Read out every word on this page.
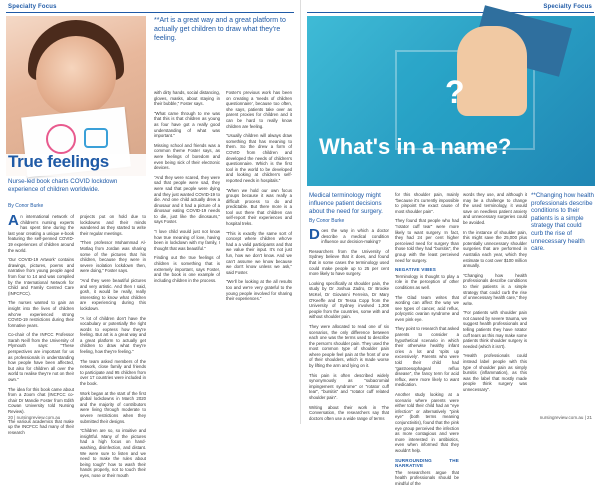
Specialty Focus
True feelings
Nurse-led book charts COVID lockdown experience of children worldwide.
By Conor Burke

An international network of children's nursing experts has spent time during the last year creating a unique e-book featuring the self-penned COVID-19 experiences of children around the world.

'Our COVID-19 Artwork' contains drawings, pictures, poems and narrative from young people aged from four to 14 and was compiled by the International Network for Child and Family Centred Care (INFCFCC).

The nurses wanted to gain an insight into the lives of children who've experienced strong COVID-19 restrictions during their formative years.

Co-chair of the INFCC Professor Sarah Neill from the University of Plymouth says: "These perspectives are important for us as professionals in understanding how people have been affected, but also for children all over the world to realise they're not on their own."

The idea for this book came about from a Zoom chat (INCFCC co-chair Dr Mandie Foster from Edith Cowan University told Nursing Review).

The various academics that make up the INCFCC had many of their research

projects put on hold due to lockdowns and their minds wandered as they started to write their regular meetings.

"Then professor Mohammad Al-Motlaq from Jordan was sharing some of the pictures that his children, because they were in severe isolation lockdown then, were doing," Foster says.

"And they were beautiful pictures and very artistic. And then I said, gosh, it would be really, really interesting to know what children are experiencing during this lockdown.

"A lot of children don't have the vocabulary or potentially the right words to express how they're feeling. But art is a great way and a great platform to actually get children to draw what they're feeling, how they're feeling."

The team asked members of the network, close family and friends to participate and 95 children from over 17 countries were included in the book.

Work began at the start of the first global lockdowns in March 2020 and the majority of contributors were living through moderate to severe restrictions when they submitted their designs.

"Children are so, so intuitive and insightful. Many of the pictures had a high focus on hand-washing, disinfection, and distant. We were sure to listen and we need to make the rules about being tough" how to wash their hands properly, not to touch their eyes, nose or their mouth

**Art is a great way and a great platform to actually get children to draw what they're feeling.

with dirty hands, social distancing, gloves, masks, about staying in their bubble," Foster says.

"What came through to me was that this is that children as young as four have got a really good understanding of what was important."

Missing school and friends was a common theme Foster says, as were feelings of boredom and even being sick of their electronic devices.

"And they were scared, they were sad that people were sad, they were sad that people were dying and they just wanted COVID-19 to die. And one child actually drew a dinosaur and it had a picture of a dinosaur eating COVID-19 needs to die, just like the dinosaurs," says Foster.

"I love child would just not know how true meaning of love, having been in lockdown with my family, I thought that was beautiful."

Finding out the true feelings of children is something that is extremely important, says Foster, and the book is one example of including children in the process.

Foster's previous work has been on creating a 'needs of children questionnaire', because too often, she says, patients take over as parent proxies for children and it can be hard to really know children are feeling.

"Usually children will always draw something that has meaning to them. So the drew a form of COVID from children and developed the needs of children's questionnaire. Which is the first tool in the world to be developed and looking at children's self-reported needs in hospitals."

"When we hold our own focus groups because it was really a difficult process to do and predictable. But there more is a tool out there that children can self-report their experiences and hospital treks.

"This is exactly the same sort of concept where children who've had a a valid participants and that we value their input. It's not just fun, how we don't know. And we can't assume we know because we don't know unless we ask," said Foster.

"We'll be looking at the all results too and we're very grateful to the young people involved for sharing their experiences."

20 | nursingreview.com.au
Specialty Focus
?
What's in a name?
Medical terminology might influence patient decisions about the need for surgery.
By Conor Burke

Does the way in which a doctor describe a medical condition influence our decision-making?

Researchers from the University of Sydney believe that it does, and found that in some cases the terminology used could make people up to 25 per cent more likely to have surgery.

Looking specifically at shoulder pain, the study by Dr Joshua Zadro, Dr Brooke McKel, Dr Giovanni Ferreira, Dr Mary O'Keeffe and Dr Tessa Copp from the University of Sydney involved 1,308 people from the countries, some with and without shoulder pain.

They were allocated to read one of six scenarios, the only difference between each one was the terms used to describe the person's shoulder pain. They used the most common type of shoulder pain where people feel pain at the front of one of their shoulders, which is made worse by lifting the arm and lying on it.

This pain is often described widely synonymously as "subacromial impingement syndrome" or "rotator cuff tear", "bursitis" and "rotator cuff related shoulder pain".

Writing about their work in The Conversation, the researchers say that doctors often use a wide range of terms

for this shoulder pain, mainly "because it's currently impossible to pinpoint the exact cause of most shoulder pain".

They found that people who had "rotator cuff tear" were more likely to want surgery. In fact, they had 24 per cent higher perceived need for surgery than those told they had "bursitis", the group with the least perceived need for surgery.

NEGATIVE VIBES

Terminology is thought to play a role in the perception of other conditions as well.

The Glad team writes that wording can affect the way we see types of cancer, acid reflux, polycystic ovarian syndrome and even pink eye.

They point to research that asked parents to consider a hypothetical scenario in which their otherwise healthy infant cries a lot and 'spits up excessively'. Parents who were told their child had "gastroesophageal reflux disease", the fancy term for acid reflux, were more likely to want medication.

Another study looking at a scenario where parents were either told their child had an "eye infection" or alternatively "pink eye" (both terms meaning conjunctivitis), found that the pink eye group perceived the infection as more contagious and were more interested in antibiotics, even when informed that they wouldn't help.

SURROUNDING THE NARRATIVE

The researchers argue that health professionals should be mindful of the

words they use, and although it may be a challenge to change the used terminology, it would save on needless patient anxiety and unnecessary surgeries could be avoided.

In the instance of shoulder pain, this might save the 25,000 plus potentially unnecessary shoulder surgeries that are performed in Australia each year, which they estimate to cost over $100 million annually.

"Changing how health professionals describe conditions to their patients is a simple strategy that could curb the rise of unnecessary health care," they write.

"For patients with shoulder pain not caused by severe trauma, we suggest health professionals and telling patients they have rotator cuff tears as this may make some patients think shoulder surgery is needed (which it isn't).

"Health professionals could instead label people with this type of shoulder pain as simply bursitis (inflammation), as this was the label that mostly made people think surgery was unnecessary".

**Changing how health professionals describe conditions to their patients is a simple strategy that could curb the rise of unnecessary health care.
nursingreview.com.au | 21
